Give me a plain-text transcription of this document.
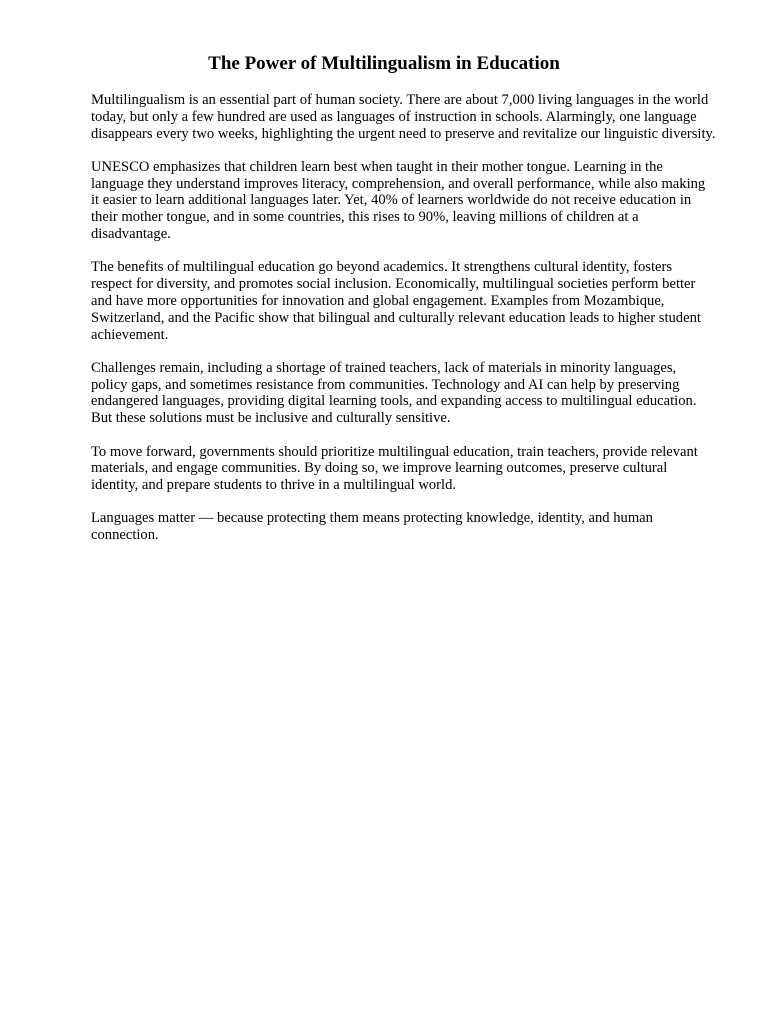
The Power of Multilingualism in Education

Multilingualism is an essential part of human society. There are about 7,000 living languages in the world today, but only a few hundred are used as languages of instruction in schools. Alarmingly, one language disappears every two weeks, highlighting the urgent need to preserve and revitalize our linguistic diversity.

UNESCO emphasizes that children learn best when taught in their mother tongue. Learning in the language they understand improves literacy, comprehension, and overall performance, while also making it easier to learn additional languages later. Yet, 40% of learners worldwide do not receive education in their mother tongue, and in some countries, this rises to 90%, leaving millions of children at a disadvantage.

The benefits of multilingual education go beyond academics. It strengthens cultural identity, fosters respect for diversity, and promotes social inclusion. Economically, multilingual societies perform better and have more opportunities for innovation and global engagement. Examples from Mozambique, Switzerland, and the Pacific show that bilingual and culturally relevant education leads to higher student achievement.

Challenges remain, including a shortage of trained teachers, lack of materials in minority languages, policy gaps, and sometimes resistance from communities. Technology and AI can help by preserving endangered languages, providing digital learning tools, and expanding access to multilingual education. But these solutions must be inclusive and culturally sensitive.

To move forward, governments should prioritize multilingual education, train teachers, provide relevant materials, and engage communities. By doing so, we improve learning outcomes, preserve cultural identity, and prepare students to thrive in a multilingual world.

Languages matter — because protecting them means protecting knowledge, identity, and human connection.
